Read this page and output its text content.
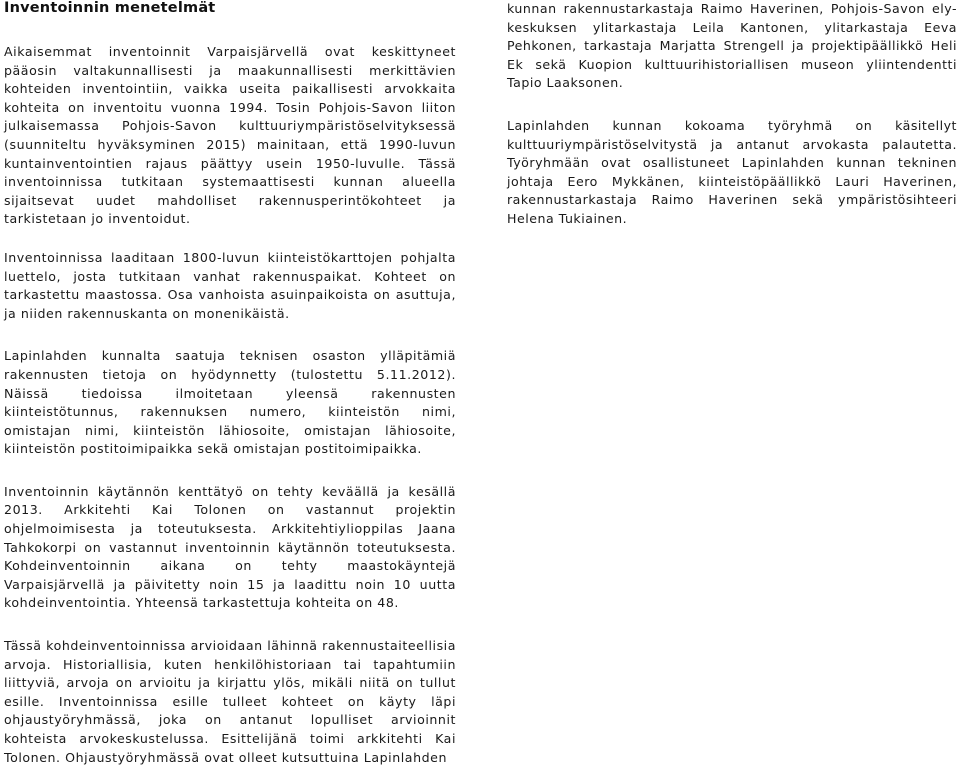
Inventoinnin menetelmät

Aikaisemmat inventoinnit Varpaisjärvellä ovat keskittyneet pääosin valtakunnallisesti ja maakunnallisesti merkittävien kohteiden inventointiin, vaikka useita paikallisesti arvokkaita kohteita on inventoitu vuonna 1994. Tosin Pohjois-Savon liiton julkaisemassa Pohjois-Savon kulttuuriympäristöselvityksessä (suunniteltu hyväksyminen 2015) mainitaan, että 1990-luvun kuntainventointien rajaus päättyy usein 1950-luvulle. Tässä inventoinnissa tutkitaan systemaattisesti kunnan alueella sijaitsevat uudet mahdolliset rakennusperintökohteet ja tarkistetaan jo inventoidut.

Inventoinnissa laaditaan 1800-luvun kiinteistökarttojen pohjalta luettelo, josta tutkitaan vanhat rakennuspaikat. Kohteet on tarkastettu maastossa. Osa vanhoista asuinpaikoista on asuttuja, ja niiden rakennuskanta on monenikäistä.

Lapinlahden kunnalta saatuja teknisen osaston ylläpitämiä rakennusten tietoja on hyödynnetty (tulostettu 5.11.2012). Näissä tiedoissa ilmoitetaan yleensä rakennusten kiinteistötunnus, rakennuksen numero, kiinteistön nimi, omistajan nimi, kiinteistön lähiosoite, omistajan lähiosoite, kiinteistön postitoimipaikka sekä omistajan postitoimipaikka.

Inventoinnin käytännön kenttätyö on tehty keväällä ja kesällä 2013. Arkkitehti Kai Tolonen on vastannut projektin ohjelmoimisesta ja toteutuksesta. Arkkitehtiylioppilas Jaana Tahkokorpi on vastannut inventoinnin käytännön toteutuksesta. Kohdeinventoinnin aikana on tehty maastokäyntejä Varpaisjärvellä ja päivitetty noin 15 ja laadittu noin 10 uutta kohdeinventointia. Yhteensä tarkastettuja kohteita on 48.

Tässä kohdeinventoinnissa arvioidaan lähinnä rakennustaiteellisia arvoja. Historiallisia, kuten henkilöhistoriaan tai tapahtumiin liittyviä, arvoja on arvioitu ja kirjattu ylös, mikäli niitä on tullut esille. Inventoinnissa esille tulleet kohteet on käyty läpi ohjaustyöryhmässä, joka on antanut lopulliset arvioinnit kohteista arvokeskustelussa. Esittelijänä toimi arkkitehti Kai Tolonen. Ohjaustyöryhmässä ovat olleet kutsuttuina Lapinlahden

kunnan rakennustarkastaja Raimo Haverinen, Pohjois-Savon ely-keskuksen ylitarkastaja Leila Kantonen, ylitarkastaja Eeva Pehkonen, tarkastaja Marjatta Strengell ja projektipäällikkö Heli Ek sekä Kuopion kulttuurihistoriallisen museon yliintendentti Tapio Laaksonen.

Lapinlahden kunnan kokoama työryhmä on käsitellyt kulttuuriympäristöselvitystä ja antanut arvokasta palautetta. Työryhmään ovat osallistuneet Lapinlahden kunnan tekninen johtaja Eero Mykkänen, kiinteistöpäällikkö Lauri Haverinen, rakennustarkastaja Raimo Haverinen sekä ympäristösihteeri Helena Tukiainen.
